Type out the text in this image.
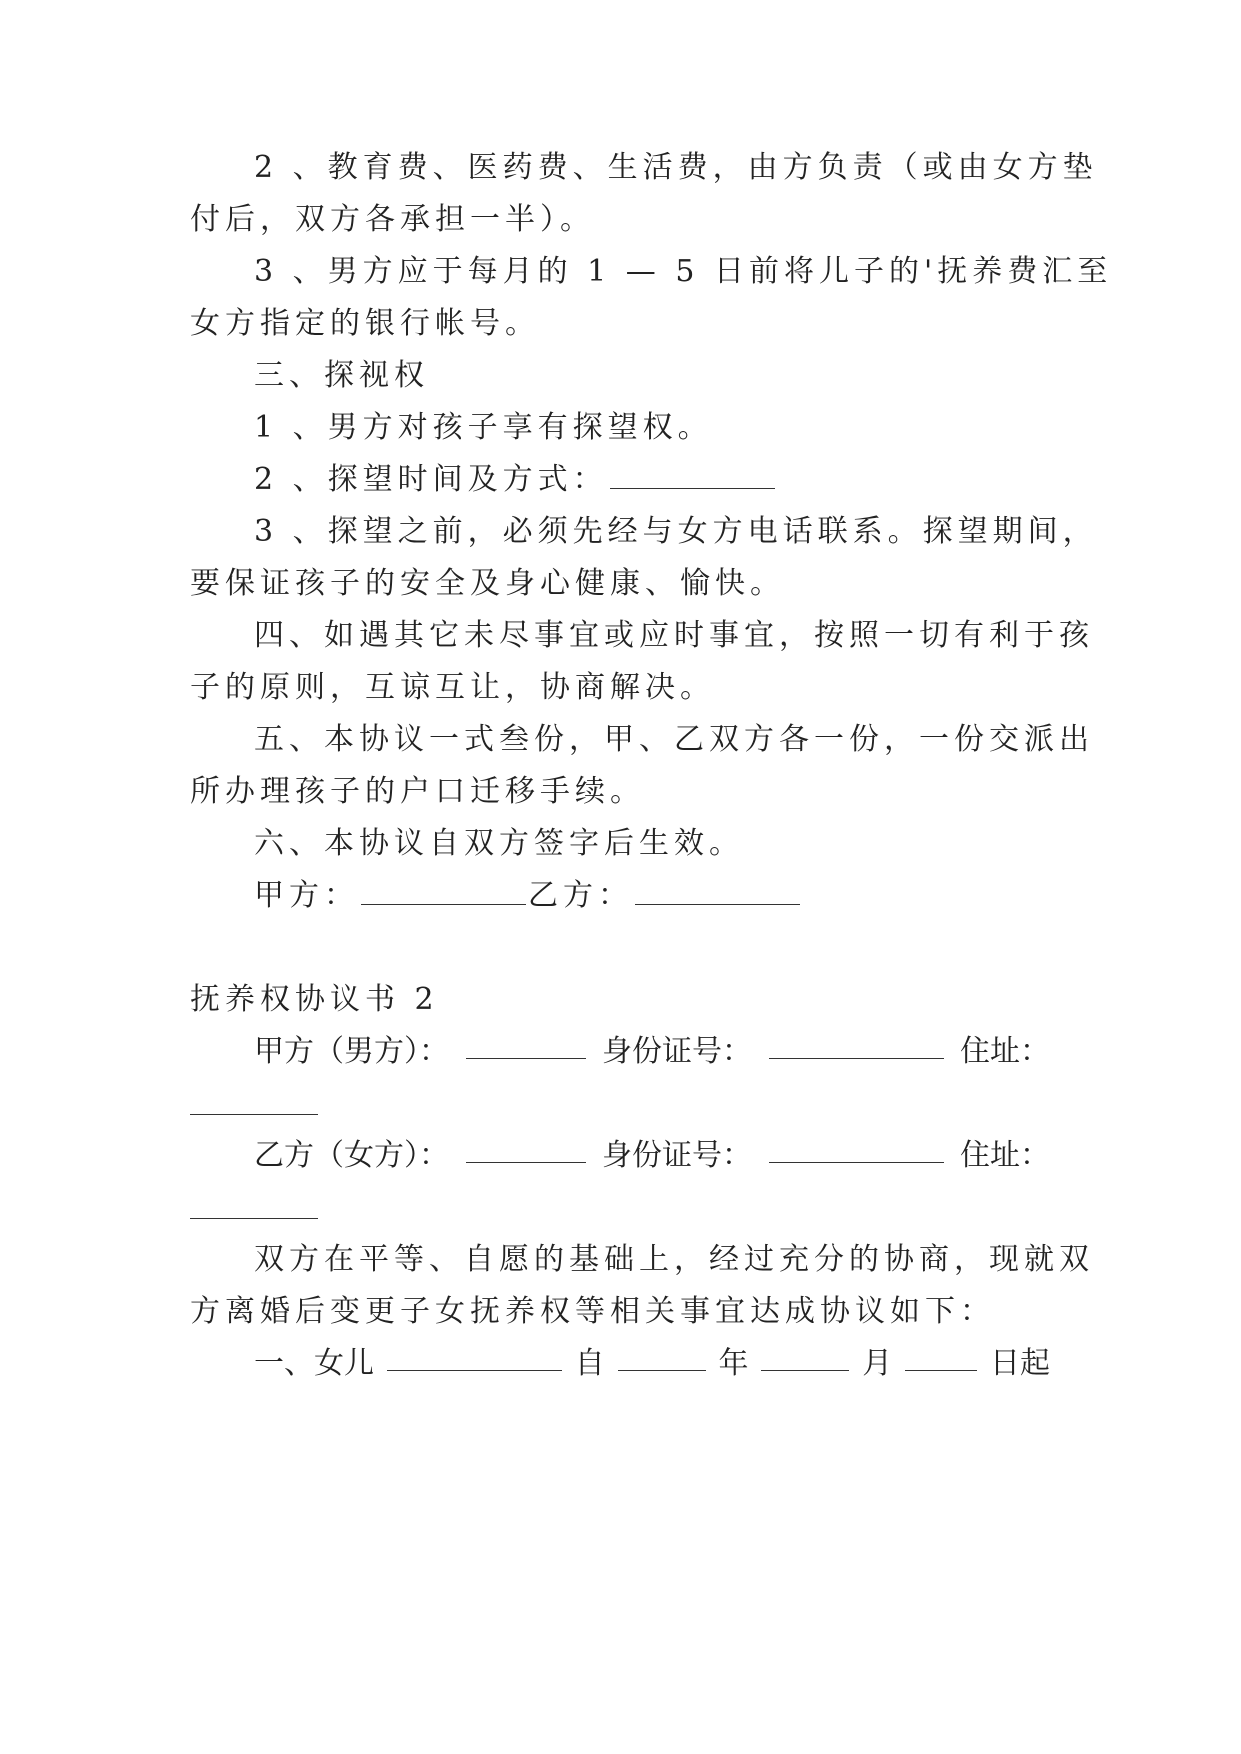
2 、教育费、医药费、生活费，由方负责（或由女方垫
付后，双方各承担一半）。
3 、男方应于每月的 1 — 5 日前将儿子的'抚养费汇至
女方指定的银行帐号。
三、探视权
1 、男方对孩子享有探望权。
2 、探望时间及方式：
3 、探望之前，必须先经与女方电话联系。探望期间，
要保证孩子的安全及身心健康、愉快。
四、如遇其它未尽事宜或应时事宜，按照一切有利于孩
子的原则，互谅互让，协商解决。
五、本协议一式叁份，甲、乙双方各一份，一份交派出
所办理孩子的户口迁移手续。
六、本协议自双方签字后生效。
甲方：	乙方：
抚养权协议书 2
甲方（男方）：	身份证号：	住址：
乙方（女方）：	身份证号：	住址：
双方在平等、自愿的基础上，经过充分的协商，现就双
方离婚后变更子女抚养权等相关事宜达成协议如下：
一、女儿	自	年	月	日起
